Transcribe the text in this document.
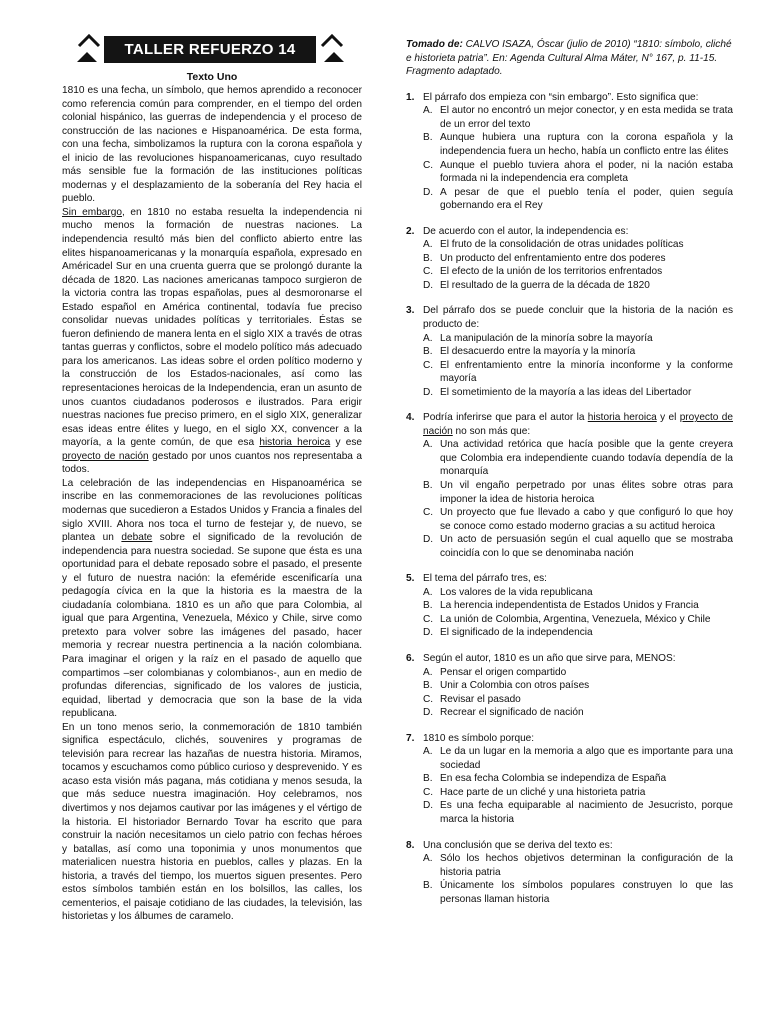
TALLER REFUERZO 14
Texto Uno

1810 es una fecha, un símbolo, que hemos aprendido a reconocer como referencia común para comprender, en el tiempo del orden colonial hispánico, las guerras de independencia y el proceso de construcción de las naciones e Hispanoamérica. De esta forma, con una fecha, simbolizamos la ruptura con la corona española y el inicio de las revoluciones hispanoamericanas, cuyo resultado más sensible fue la formación de las instituciones políticas modernas y el desplazamiento de la soberanía del Rey hacia el pueblo.

Sin embargo, en 1810 no estaba resuelta la independencia ni mucho menos la formación de nuestras naciones. La independencia resultó más bien del conflicto abierto entre las elites hispanoamericanas y la monarquía española, expresado en Américadel Sur en una cruenta guerra que se prolongó durante la década de 1820. Las naciones americanas tampoco surgieron de la victoria contra las tropas españolas, pues al desmoronarse el Estado español en América continental, todavía fue preciso consolidar nuevas unidades políticas y territoriales. Éstas se fueron definiendo de manera lenta en el siglo XIX a través de otras tantas guerras y conflictos, sobre el modelo político más adecuado para los americanos. Las ideas sobre el orden político moderno y la construcción de los Estados-nacionales, así como las representaciones heroicas de la Independencia, eran un asunto de unos cuantos ciudadanos poderosos e ilustrados. Para erigir nuestras naciones fue preciso primero, en el siglo XIX, generalizar esas ideas entre élites y luego, en el siglo XX, convencer a la mayoría, a la gente común, de que esa historia heroica y ese proyecto de nación gestado por unos cuantos nos representaba a todos.

La celebración de las independencias en Hispanoamérica se inscribe en las conmemoraciones de las revoluciones políticas modernas que sucedieron a Estados Unidos y Francia a finales del siglo XVIII. Ahora nos toca el turno de festejar y, de nuevo, se plantea un debate sobre el significado de la revolución de independencia para nuestra sociedad. Se supone que ésta es una oportunidad para el debate reposado sobre el pasado, el presente y el futuro de nuestra nación: la efeméride escenificaría una pedagogía cívica en la que la historia es la maestra de la ciudadanía colombiana. 1810 es un año que para Colombia, al igual que para Argentina, Venezuela, México y Chile, sirve como pretexto para volver sobre las imágenes del pasado, hacer memoria y recrear nuestra pertinencia a la nación colombiana. Para imaginar el origen y la raíz en el pasado de aquello que compartimos –ser colombianas y colombianos-, aun en medio de profundas diferencias, significado de los valores de justicia, equidad, libertad y democracia que son la base de la vida republicana.

En un tono menos serio, la conmemoración de 1810 también significa espectáculo, clichés, souvenires y programas de televisión para recrear las hazañas de nuestra historia. Miramos, tocamos y escuchamos como público curioso y desprevenido. Y es acaso esta visión más pagana, más cotidiana y menos sesuda, la que más seduce nuestra imaginación. Hoy celebramos, nos divertimos y nos dejamos cautivar por las imágenes y el vértigo de la historia. El historiador Bernardo Tovar ha escrito que para construir la nación necesitamos un cielo patrio con fechas héroes y batallas, así como una toponimia y unos monumentos que materialicen nuestra historia en pueblos, calles y plazas. En la historia, a través del tiempo, los muertos siguen presentes. Pero estos símbolos también están en los bolsillos, las calles, los cementerios, el paisaje cotidiano de las ciudades, la televisión, las historietas y los álbumes de caramelo.

Tomado de: CALVO ISAZA, Óscar (julio de 2010) “1810: símbolo, cliché e historieta patria”. En: Agenda Cultural Alma Máter, N° 167, p. 11-15. Fragmento adaptado.
1. El párrafo dos empieza con “sin embargo”. Esto significa que:
A. El autor no encontró un mejor conector, y en esta medida se trata de un error del texto
B. Aunque hubiera una ruptura con la corona española y la independencia fuera un hecho, había un conflicto entre las élites
C. Aunque el pueblo tuviera ahora el poder, ni la nación estaba formada ni la independencia era completa
D. A pesar de que el pueblo tenía el poder, quien seguía gobernando era el Rey
2. De acuerdo con el autor, la independencia es:
A. El fruto de la consolidación de otras unidades políticas
B. Un producto del enfrentamiento entre dos poderes
C. El efecto de la unión de los territorios enfrentados
D. El resultado de la guerra de la década de 1820
3. Del párrafo dos se puede concluir que la historia de la nación es producto de:
A. La manipulación de la minoría sobre la mayoría
B. El desacuerdo entre la mayoría y la minoría
C. El enfrentamiento entre la minoría inconforme y la conforme mayoría
D. El sometimiento de la mayoría a las ideas del Libertador
4. Podría inferirse que para el autor la historia heroica y el proyecto de nación no son más que:
A. Una actividad retórica que hacía posible que la gente creyera que Colombia era independiente cuando todavía dependía de la monarquía
B. Un vil engaño perpetrado por unas élites sobre otras para imponer la idea de historia heroica
C. Un proyecto que fue llevado a cabo y que configuró lo que hoy se conoce como estado moderno gracias a su actitud heroica
D. Un acto de persuasión según el cual aquello que se mostraba coincidía con lo que se denominaba nación
5. El tema del párrafo tres, es:
A. Los valores de la vida republicana
B. La herencia independentista de Estados Unidos y Francia
C. La unión de Colombia, Argentina, Venezuela, México y Chile
D. El significado de la independencia
6. Según el autor, 1810 es un año que sirve para, MENOS:
A. Pensar el origen compartido
B. Unir a Colombia con otros países
C. Revisar el pasado
D. Recrear el significado de nación
7. 1810 es símbolo porque:
A. Le da un lugar en la memoria a algo que es importante para una sociedad
B. En esa fecha Colombia se independiza de España
C. Hace parte de un cliché y una historieta patria
D. Es una fecha equiparable al nacimiento de Jesucristo, porque marca la historia
8. Una conclusión que se deriva del texto es:
A. Sólo los hechos objetivos determinan la configuración de la historia patria
B. Únicamente los símbolos populares construyen lo que las personas llaman historia
